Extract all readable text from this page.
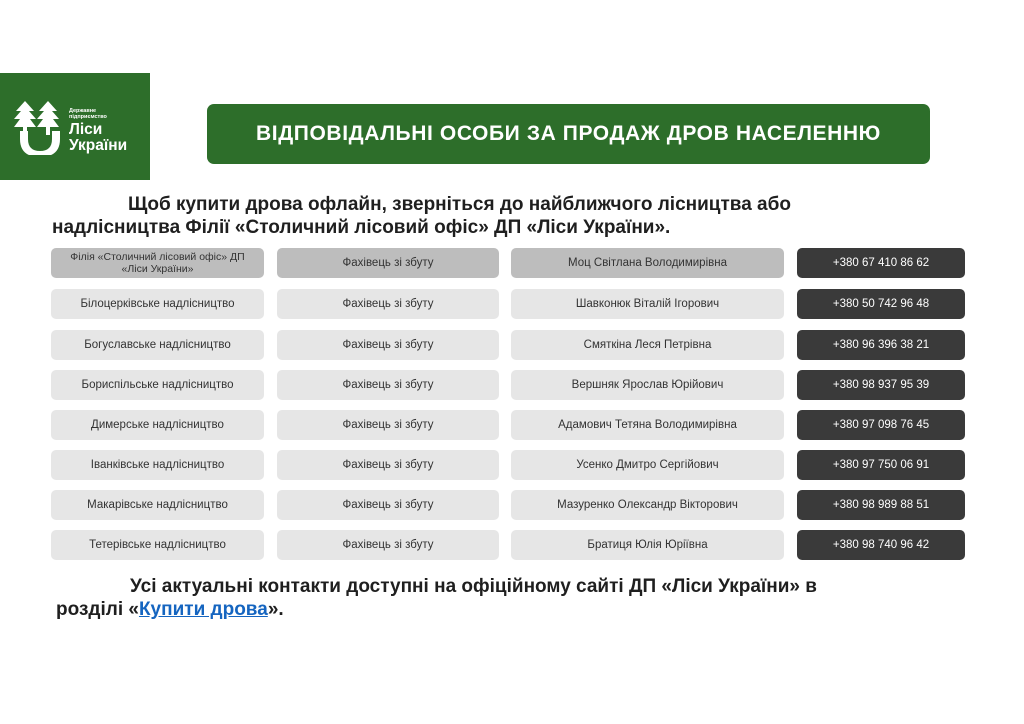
Державне
підприємство
Ліси
України
ВІДПОВІДАЛЬНІ ОСОБИ ЗА ПРОДАЖ ДРОВ НАСЕЛЕННЮ
Щоб купити дрова офлайн, зверніться до найближчого лісництва або
надлісництва Філії «Столичний лісовий офіс» ДП «Ліси України».
Філія «Столичний лісовий офіс» ДП «Ліси України»	Фахівець зі збуту	Моц Світлана Володимирівна	+380 67 410 86 62
Білоцерківське надлісництво	Фахівець зі збуту	Шавконюк Віталій Ігорович	+380 50 742 96 48
Богуславське надлісництво	Фахівець зі збуту	Смяткіна Леся Петрівна	+380 96 396 38 21
Бориспільське надлісництво	Фахівець зі збуту	Вершняк Ярослав Юрійович	+380 98 937 95 39
Димерське надлісництво	Фахівець зі збуту	Адамович Тетяна Володимирівна	+380 97 098 76 45
Іванківське надлісництво	Фахівець зі збуту	Усенко Дмитро Сергійович	+380 97 750 06 91
Макарівське надлісництво	Фахівець зі збуту	Мазуренко Олександр Вікторович	+380 98 989 88 51
Тетерівське надлісництво	Фахівець зі збуту	Братиця Юлія Юріївна	+380 98 740 96 42
Усі актуальні контакти доступні на офіційному сайті ДП «Ліси України» в
розділі «Купити дрова».
